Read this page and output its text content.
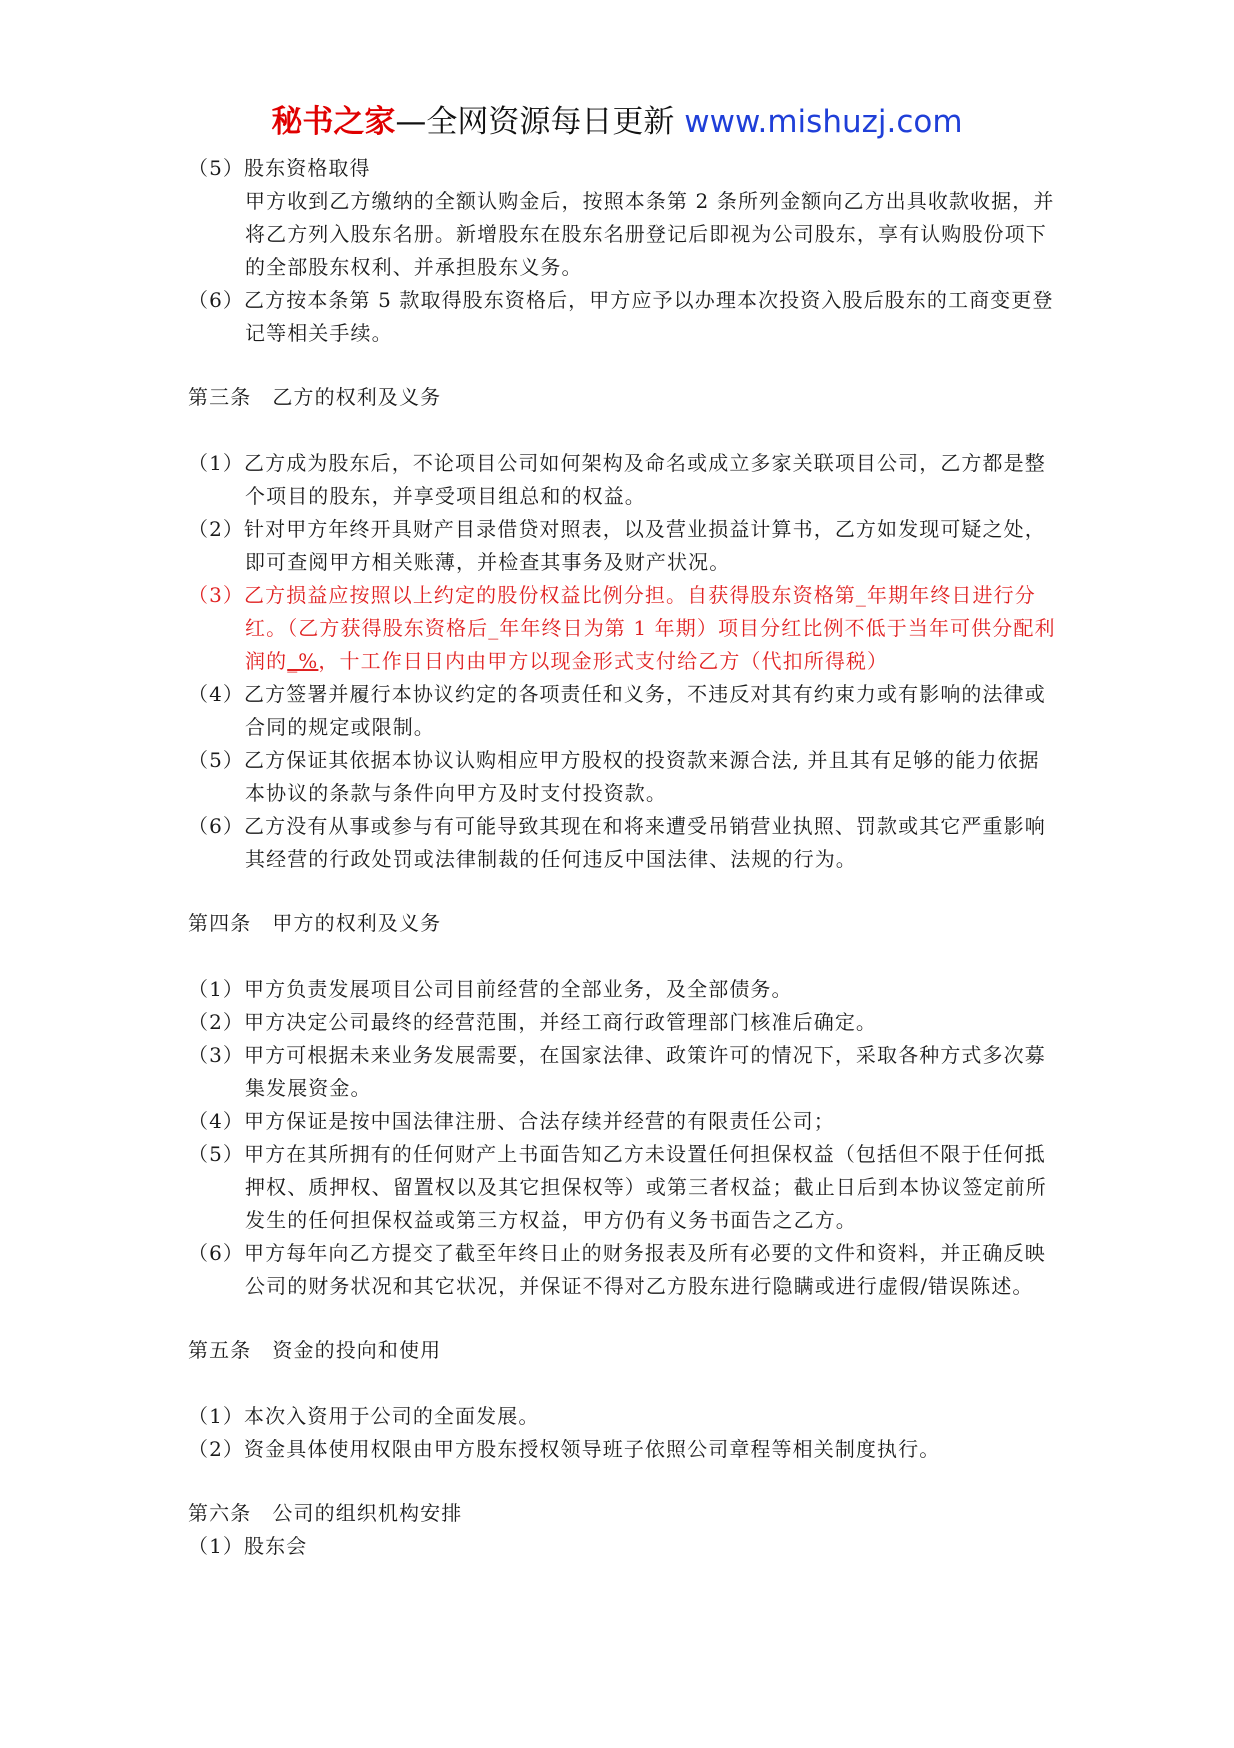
秘书之家—全网资源每日更新 www.mishuzj.com

（5）股东资格取得

甲方收到乙方缴纳的全额认购金后，按照本条第 2 条所列金额向乙方出具收款收据，并将乙方列入股东名册。新增股东在股东名册登记后即视为公司股东，享有认购股份项下的全部股东权利、并承担股东义务。

（6）乙方按本条第 5 款取得股东资格后，甲方应予以办理本次投资入股后股东的工商变更登记等相关手续。

第三条　乙方的权利及义务

（1）乙方成为股东后，不论项目公司如何架构及命名或成立多家关联项目公司，乙方都是整个项目的股东，并享受项目组总和的权益。

（2）针对甲方年终开具财产目录借贷对照表，以及营业损益计算书，乙方如发现可疑之处，即可查阅甲方相关账薄，并检查其事务及财产状况。

（3）乙方损益应按照以上约定的股份权益比例分担。自获得股东资格第_年期年终日进行分红。（乙方获得股东资格后_年年终日为第 1 年期）项目分红比例不低于当年可供分配利润的_%，十工作日日内由甲方以现金形式支付给乙方（代扣所得税）

（4）乙方签署并履行本协议约定的各项责任和义务，不违反对其有约束力或有影响的法律或合同的规定或限制。

（5）乙方保证其依据本协议认购相应甲方股权的投资款来源合法, 并且其有足够的能力依据本协议的条款与条件向甲方及时支付投资款。

（6）乙方没有从事或参与有可能导致其现在和将来遭受吊销营业执照、罚款或其它严重影响其经营的行政处罚或法律制裁的任何违反中国法律、法规的行为。

第四条　甲方的权利及义务

（1）甲方负责发展项目公司目前经营的全部业务，及全部债务。

（2）甲方决定公司最终的经营范围，并经工商行政管理部门核准后确定。

（3）甲方可根据未来业务发展需要，在国家法律、政策许可的情况下，采取各种方式多次募集发展资金。

（4）甲方保证是按中国法律注册、合法存续并经营的有限责任公司；

（5）甲方在其所拥有的任何财产上书面告知乙方未设置任何担保权益（包括但不限于任何抵押权、质押权、留置权以及其它担保权等）或第三者权益；截止日后到本协议签定前所发生的任何担保权益或第三方权益，甲方仍有义务书面告之乙方。

（6）甲方每年向乙方提交了截至年终日止的财务报表及所有必要的文件和资料，并正确反映公司的财务状况和其它状况，并保证不得对乙方股东进行隐瞒或进行虚假/错误陈述。

第五条　资金的投向和使用

（1）本次入资用于公司的全面发展。

（2）资金具体使用权限由甲方股东授权领导班子依照公司章程等相关制度执行。

第六条　公司的组织机构安排

（1）股东会
